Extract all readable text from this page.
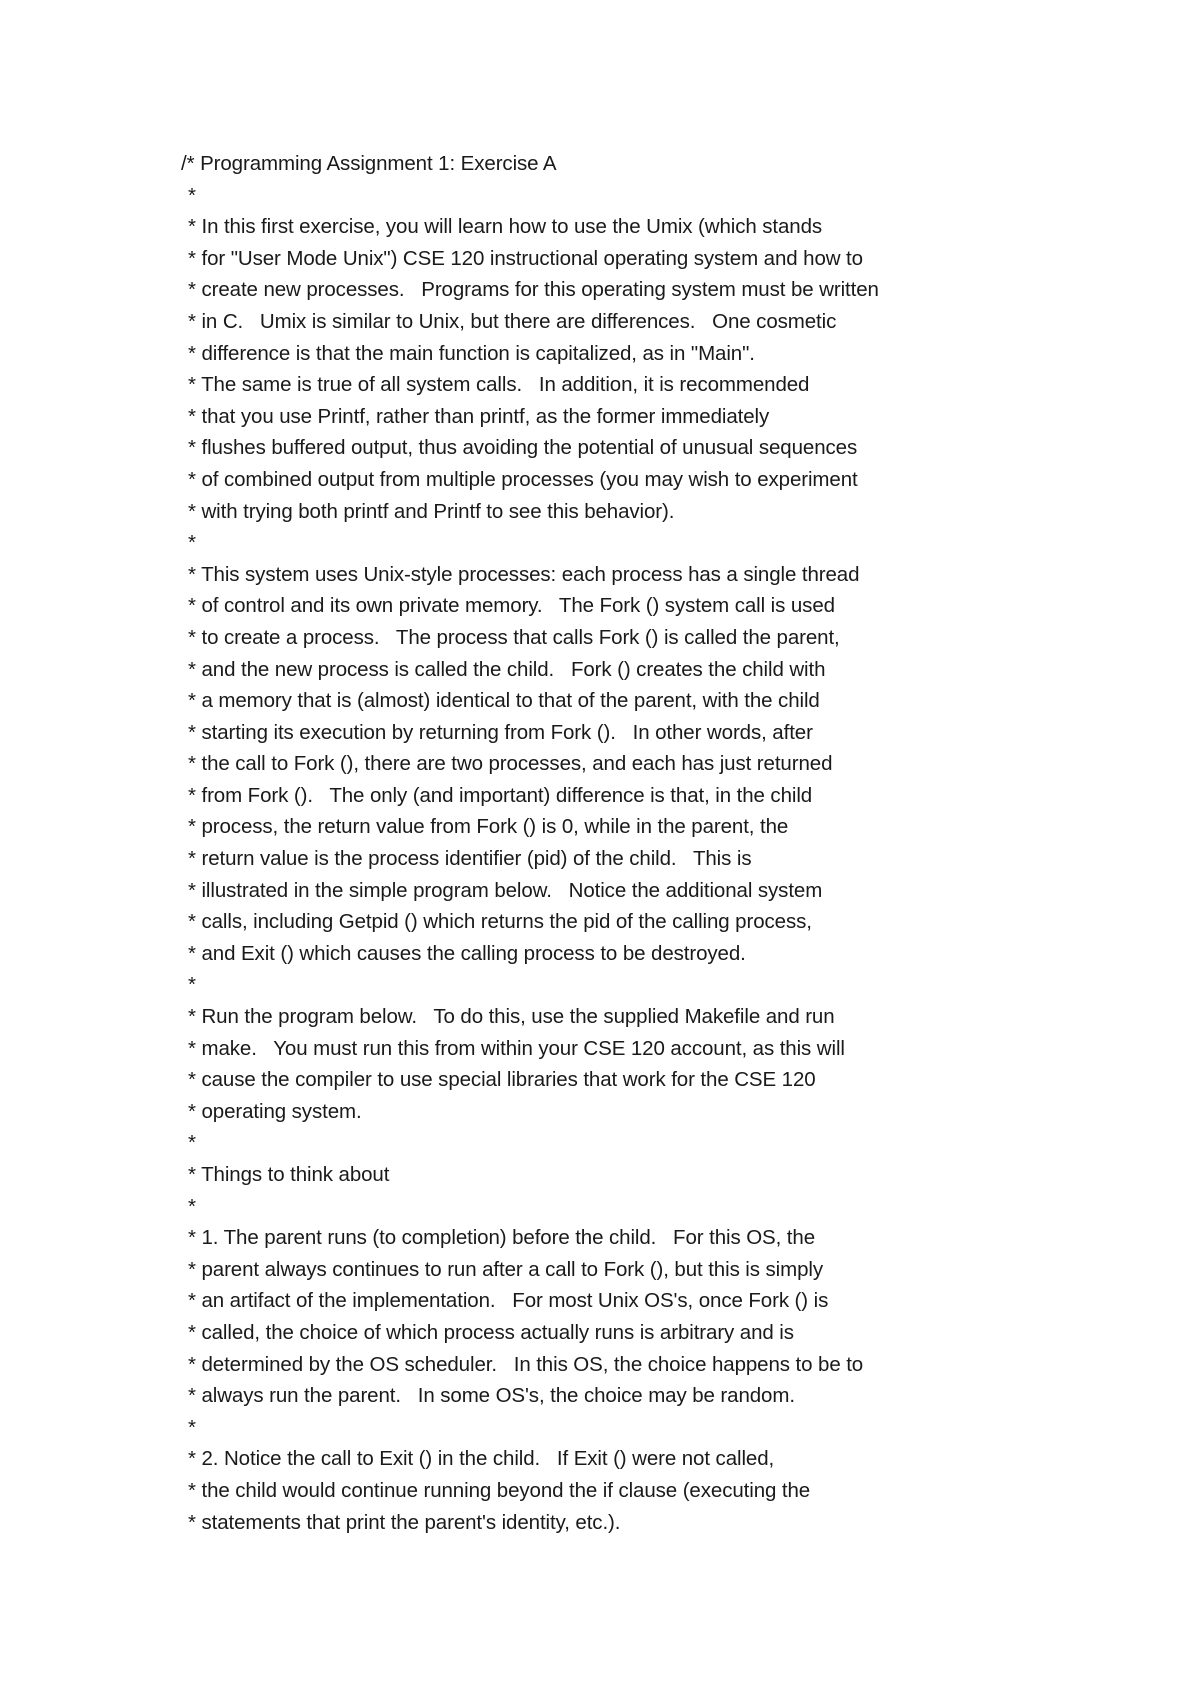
/* Programming Assignment 1: Exercise A
*
* In this first exercise, you will learn how to use the Umix (which stands
* for "User Mode Unix") CSE 120 instructional operating system and how to
* create new processes.   Programs for this operating system must be written
* in C.   Umix is similar to Unix, but there are differences.   One cosmetic
* difference is that the main function is capitalized, as in "Main".
* The same is true of all system calls.   In addition, it is recommended
* that you use Printf, rather than printf, as the former immediately
* flushes buffered output, thus avoiding the potential of unusual sequences
* of combined output from multiple processes (you may wish to experiment
* with trying both printf and Printf to see this behavior).
*
* This system uses Unix-style processes: each process has a single thread
* of control and its own private memory.   The Fork () system call is used
* to create a process.   The process that calls Fork () is called the parent,
* and the new process is called the child.   Fork () creates the child with
* a memory that is (almost) identical to that of the parent, with the child
* starting its execution by returning from Fork ().   In other words, after
* the call to Fork (), there are two processes, and each has just returned
* from Fork ().   The only (and important) difference is that, in the child
* process, the return value from Fork () is 0, while in the parent, the
* return value is the process identifier (pid) of the child.   This is
* illustrated in the simple program below.   Notice the additional system
* calls, including Getpid () which returns the pid of the calling process,
* and Exit () which causes the calling process to be destroyed.
*
* Run the program below.   To do this, use the supplied Makefile and run
* make.   You must run this from within your CSE 120 account, as this will
* cause the compiler to use special libraries that work for the CSE 120
* operating system.
*
* Things to think about
*
* 1. The parent runs (to completion) before the child.   For this OS, the
* parent always continues to run after a call to Fork (), but this is simply
* an artifact of the implementation.   For most Unix OS's, once Fork () is
* called, the choice of which process actually runs is arbitrary and is
* determined by the OS scheduler.   In this OS, the choice happens to be to
* always run the parent.   In some OS's, the choice may be random.
*
* 2. Notice the call to Exit () in the child.   If Exit () were not called,
* the child would continue running beyond the if clause (executing the
* statements that print the parent's identity, etc.).
